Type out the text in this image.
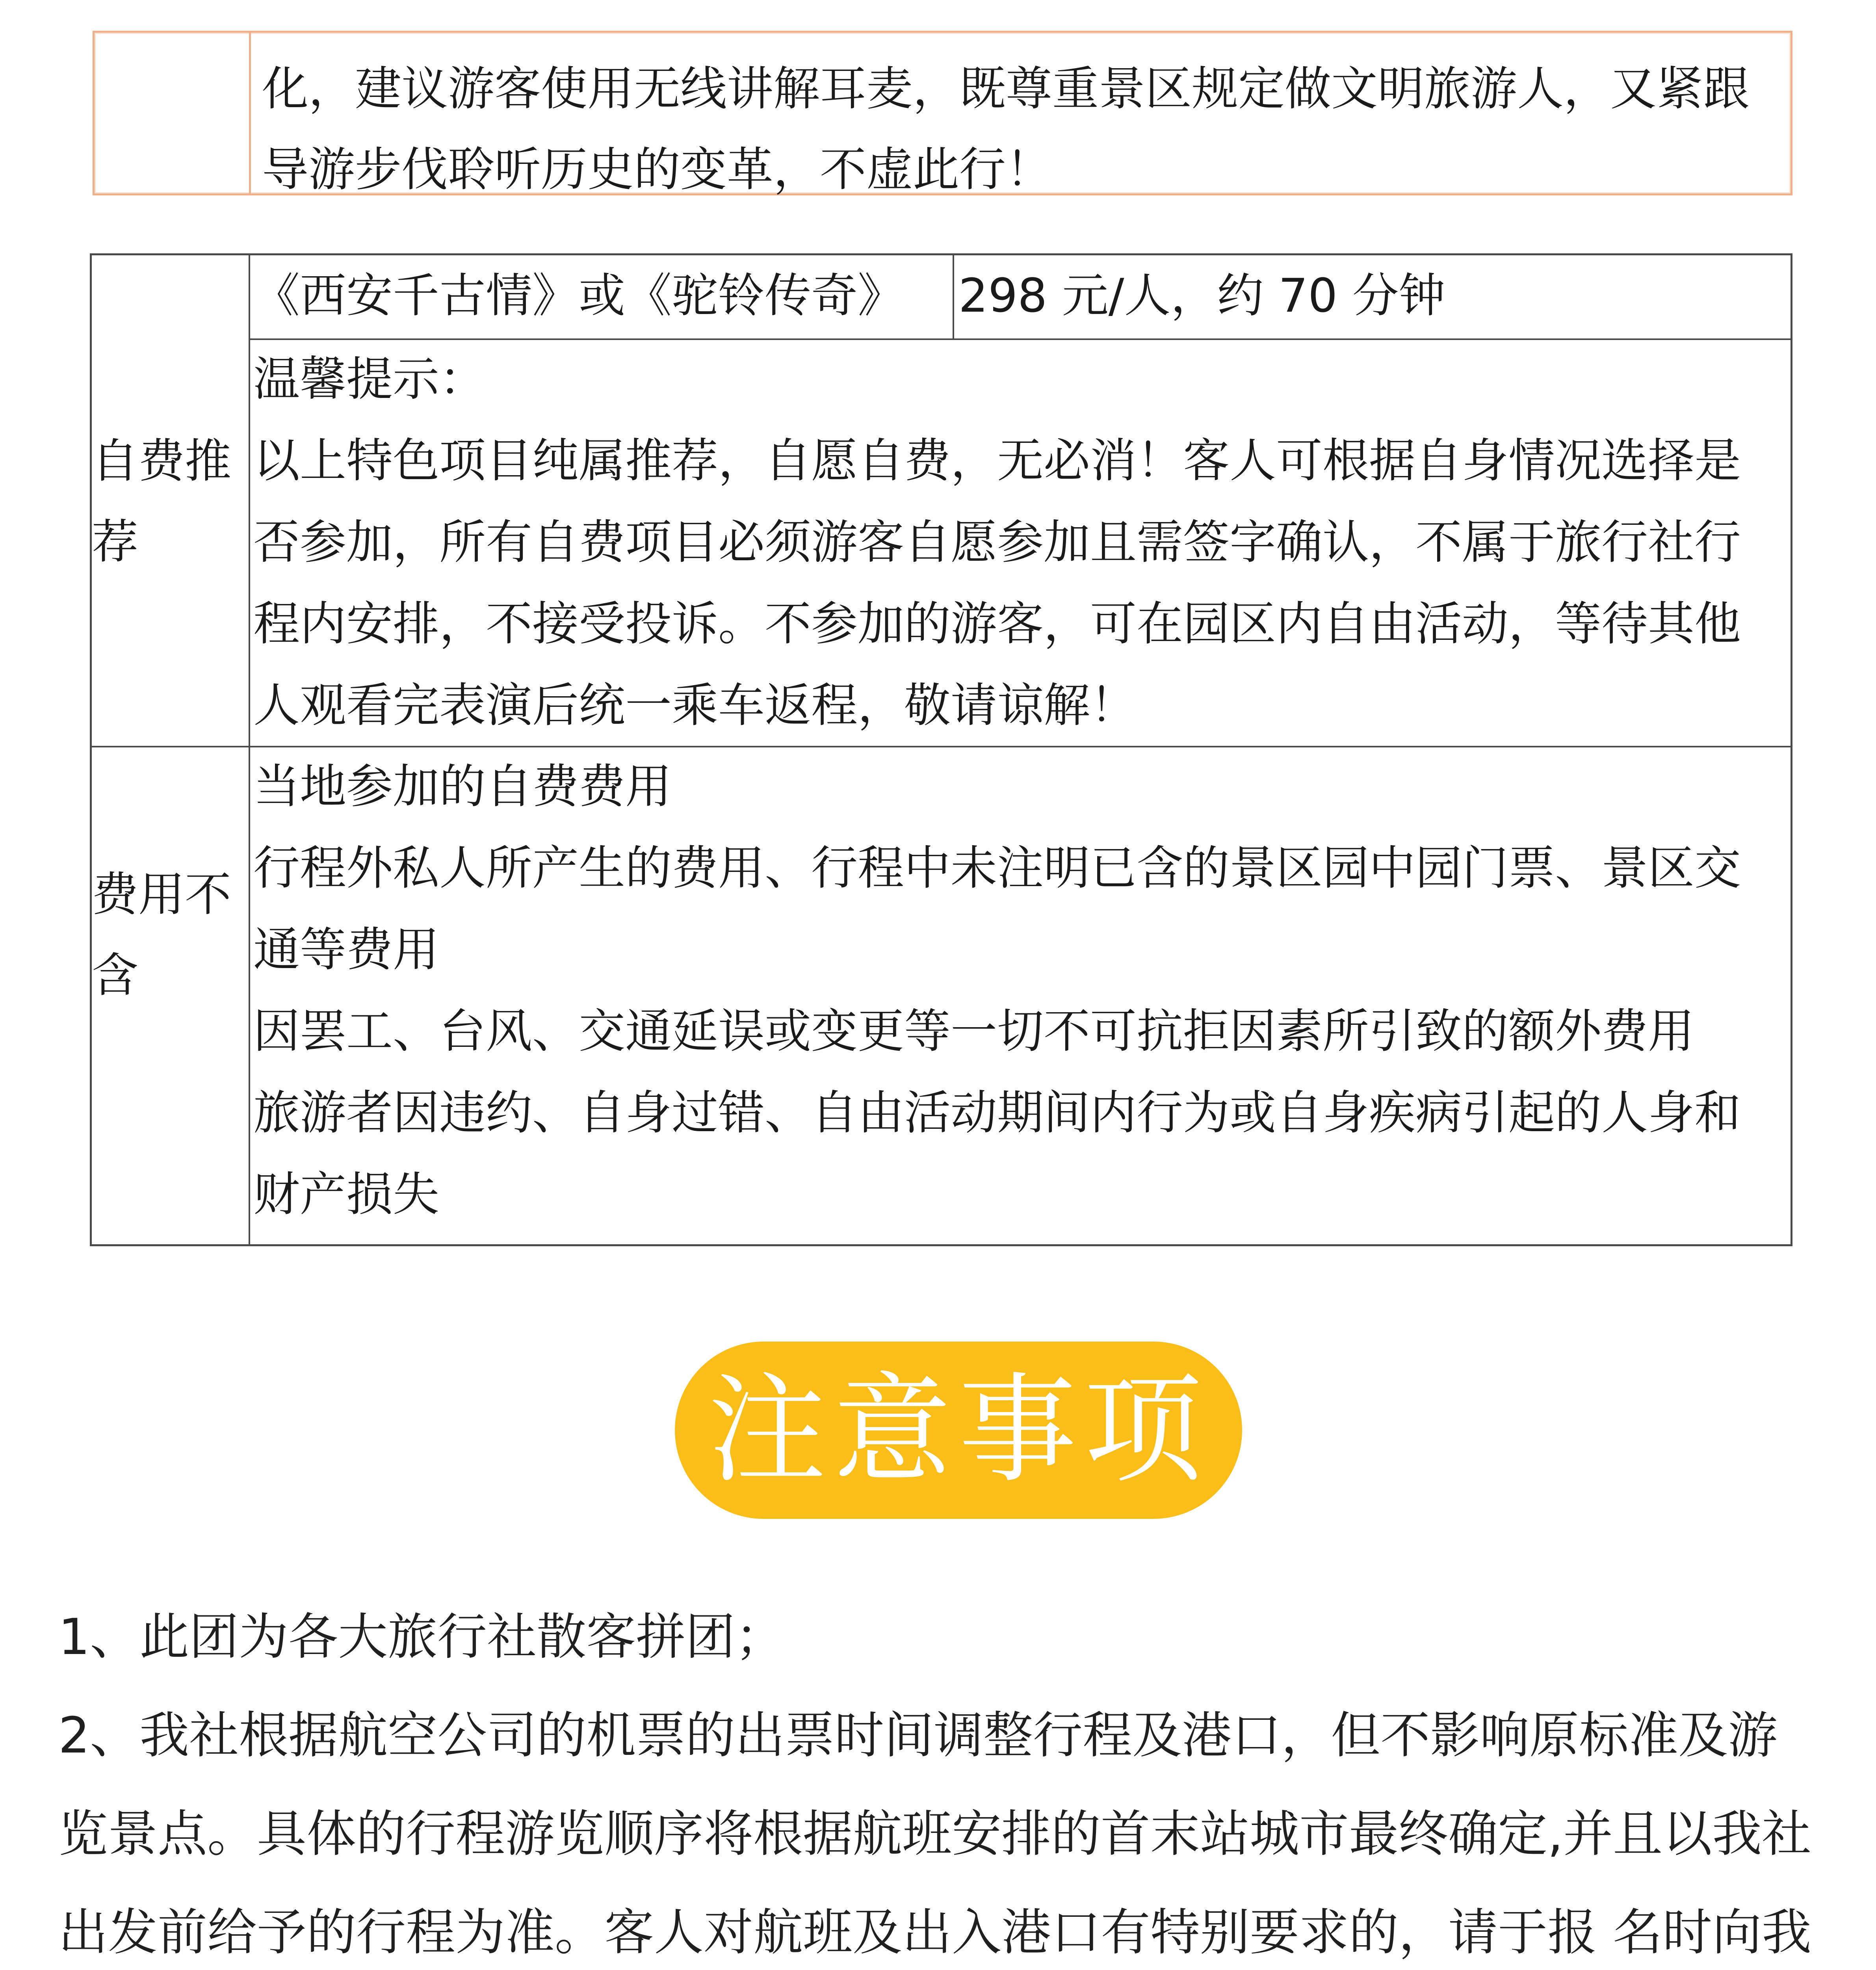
化，建议游客使用无线讲解耳麦，既尊重景区规定做文明旅游人，又紧跟导游步伐聆听历史的变革，不虚此行！
自费推荐
《西安千古情》或《驼铃传奇》 298 元/人，约 70 分钟
温馨提示：
以上特色项目纯属推荐，自愿自费，无必消！客人可根据自身情况选择是否参加，所有自费项目必须游客自愿参加且需签字确认，不属于旅行社行程内安排，不接受投诉。不参加的游客，可在园区内自由活动，等待其他人观看完表演后统一乘车返程，敬请谅解！
费用不含
当地参加的自费费用
行程外私人所产生的费用、行程中未注明已含的景区园中园门票、景区交通等费用
因罢工、台风、交通延误或变更等一切不可抗拒因素所引致的额外费用
旅游者因违约、自身过错、自由活动期间内行为或自身疾病引起的人身和财产损失
注意事项

1、此团为各大旅行社散客拼团；

2、我社根据航空公司的机票的出票时间调整行程及港口，但不影响原标准及游览景点。具体的行程游览顺序将根据航班安排的首末站城市最终确定,并且以我社出发前给予的行程为准。客人对航班及出入港口有特别要求的，请于报 名时向我
